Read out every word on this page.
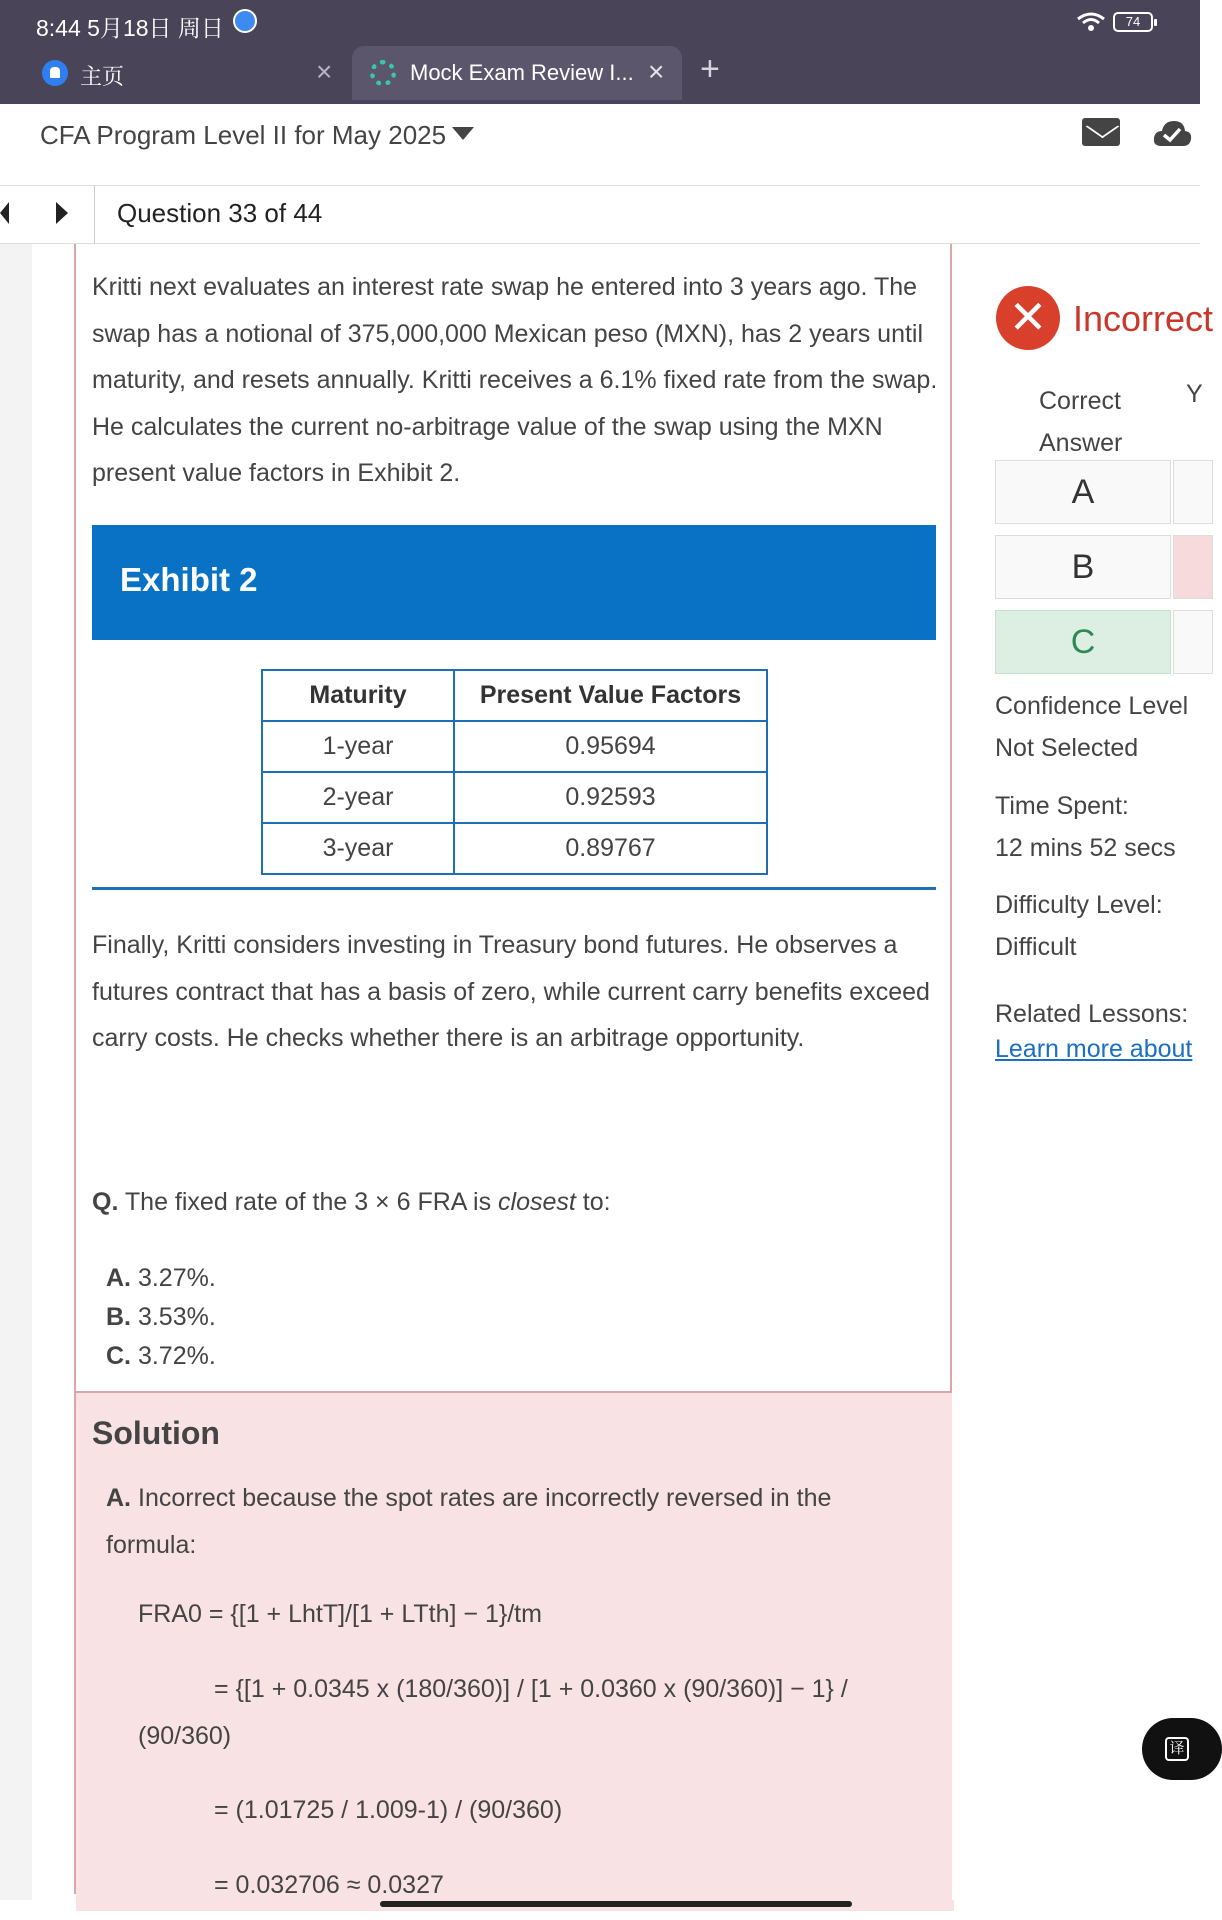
8:44 5月18日 周日	74
主页	×	Mock Exam Review I... × +
CFA Program Level II for May 2025
Question 33 of 44

Kritti next evaluates an interest rate swap he entered into 3 years ago. The swap has a notional of 375,000,000 Mexican peso (MXN), has 2 years until maturity, and resets annually. Kritti receives a 6.1% fixed rate from the swap. He calculates the current no-arbitrage value of the swap using the MXN present value factors in Exhibit 2.

Exhibit 2
Maturity	Present Value Factors
1-year	0.95694
2-year	0.92593
3-year	0.89767

Finally, Kritti considers investing in Treasury bond futures. He observes a futures contract that has a basis of zero, while current carry benefits exceed carry costs. He checks whether there is an arbitrage opportunity.

Q. The fixed rate of the 3 × 6 FRA is closest to:

A. 3.27%.
B. 3.53%.
C. 3.72%.
Solution

A. Incorrect because the spot rates are incorrectly reversed in the formula:

FRA0 = {[1 + LhtT]/[1 + LTth] − 1}/tm

= {[1 + 0.0345 x (180/360)] / [1 + 0.0360 x (90/360)] − 1} / (90/360)

= (1.01725 / 1.009-1) / (90/360)

= 0.032706 ≈ 0.0327

✕ Incorrect
Correct Answer
Y
A
B
C
Confidence Level
Not Selected
Time Spent:
12 mins 52 secs
Difficulty Level:
Difficult
Related Lessons:
Learn more about
译
